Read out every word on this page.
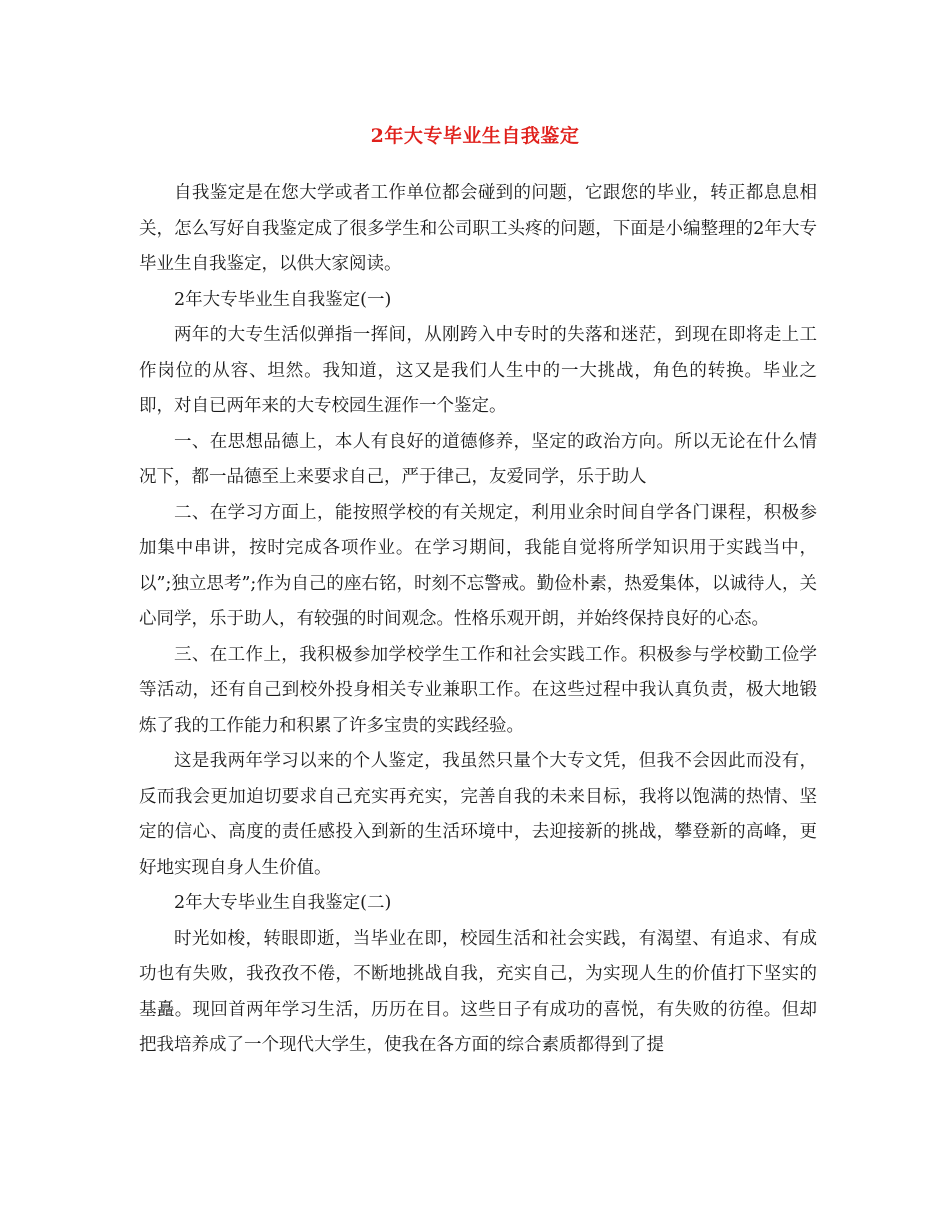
2年大专毕业生自我鉴定

自我鉴定是在您大学或者工作单位都会碰到的问题，它跟您的毕业，转正都息息相关，怎么写好自我鉴定成了很多学生和公司职工头疼的问题，下面是小编整理的2年大专毕业生自我鉴定，以供大家阅读。

2年大专毕业生自我鉴定(一)

两年的大专生活似弹指一挥间，从刚跨入中专时的失落和迷茫，到现在即将走上工作岗位的从容、坦然。我知道，这又是我们人生中的一大挑战，角色的转换。毕业之即，对自已两年来的大专校园生涯作一个鉴定。

一、在思想品德上，本人有良好的道德修养，坚定的政治方向。所以无论在什么情况下，都一品德至上来要求自己，严于律己，友爱同学，乐于助人

二、在学习方面上，能按照学校的有关规定，利用业余时间自学各门课程，积极参加集中串讲，按时完成各项作业。在学习期间，我能自觉将所学知识用于实践当中，以”;独立思考”;作为自己的座右铭，时刻不忘警戒。勤俭朴素，热爱集体，以诚待人，关心同学，乐于助人，有较强的时间观念。性格乐观开朗，并始终保持良好的心态。

三、在工作上，我积极参加学校学生工作和社会实践工作。积极参与学校勤工俭学等活动，还有自己到校外投身相关专业兼职工作。在这些过程中我认真负责，极大地锻炼了我的工作能力和积累了许多宝贵的实践经验。

这是我两年学习以来的个人鉴定，我虽然只量个大专文凭，但我不会因此而没有，反而我会更加迫切要求自己充实再充实，完善自我的未来目标，我将以饱满的热情、坚定的信心、高度的责任感投入到新的生活环境中，去迎接新的挑战，攀登新的高峰，更好地实现自身人生价值。

2年大专毕业生自我鉴定(二)

时光如梭，转眼即逝，当毕业在即，校园生活和社会实践，有渴望、有追求、有成功也有失败，我孜孜不倦，不断地挑战自我，充实自己，为实现人生的价值打下坚实的基矗。现回首两年学习生活，历历在目。这些日子有成功的喜悦，有失败的彷徨。但却把我培养成了一个现代大学生，使我在各方面的综合素质都得到了提
